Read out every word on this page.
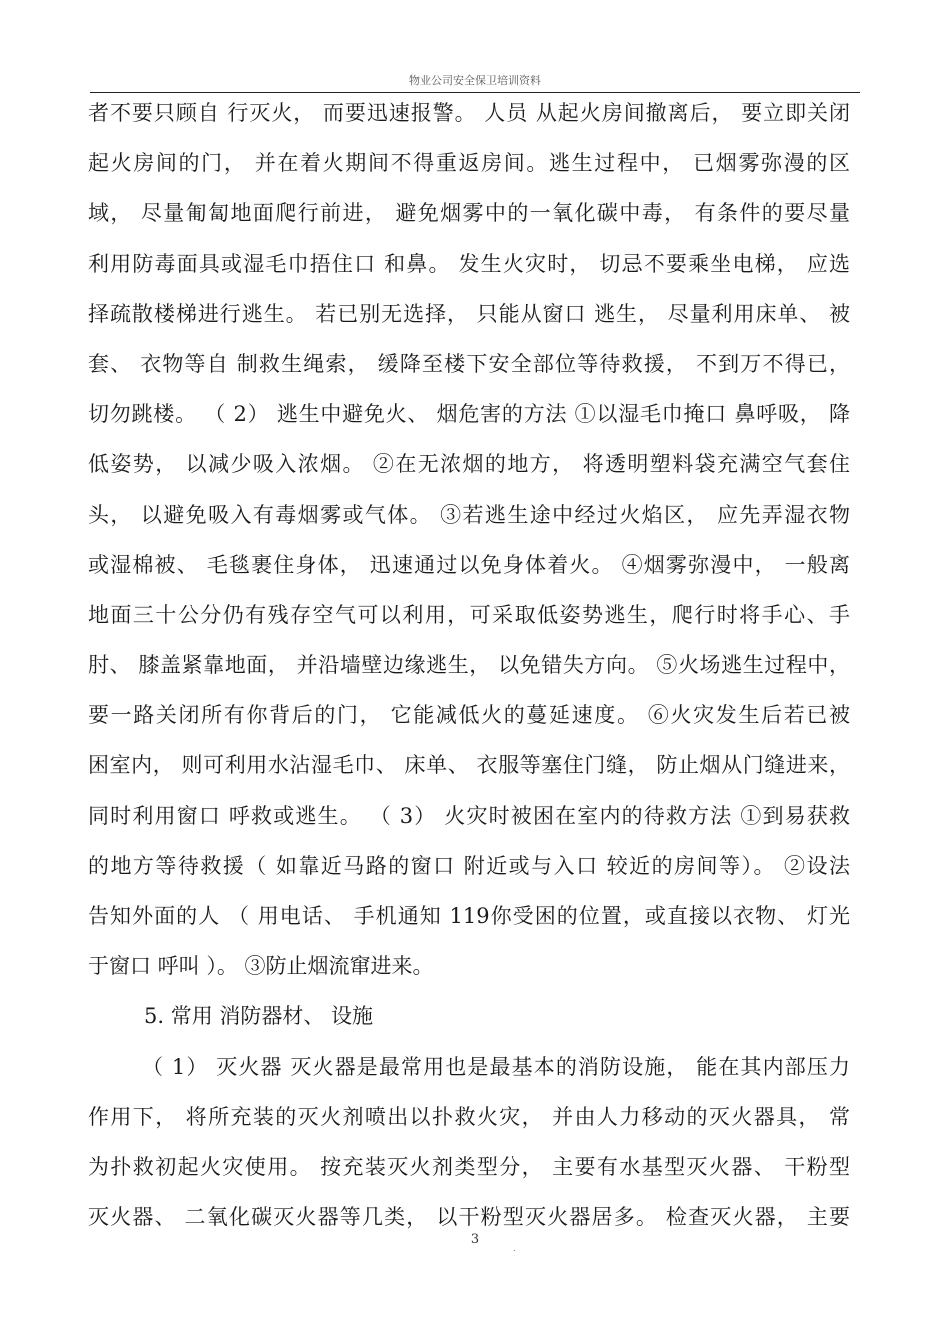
物业公司安全保卫培训资料
者不要只顾自 行灭火， 而要迅速报警。 人员 从起火房间撤离后， 要立即关闭
起火房间的门， 并在着火期间不得重返房间。逃生过程中， 已烟雾弥漫的区
域， 尽量匍匐地面爬行前进， 避免烟雾中的一氧化碳中毒， 有条件的要尽量
利用防毒面具或湿毛巾捂住口 和鼻。 发生火灾时， 切忌不要乘坐电梯， 应选
择疏散楼梯进行逃生。 若已别无选择， 只能从窗口 逃生， 尽量利用床单、 被
套、 衣物等自 制救生绳索， 缓降至楼下安全部位等待救援， 不到万不得已，
切勿跳楼。 （ 2） 逃生中避免火、 烟危害的方法 ①以湿毛巾掩口 鼻呼吸， 降
低姿势， 以减少吸入浓烟。 ②在无浓烟的地方， 将透明塑料袋充满空气套住
头， 以避免吸入有毒烟雾或气体。 ③若逃生途中经过火焰区， 应先弄湿衣物
或湿棉被、 毛毯裹住身体， 迅速通过以免身体着火。 ④烟雾弥漫中， 一般离
地面三十公分仍有残存空气可以利用，可采取低姿势逃生，爬行时将手心、手
肘、 膝盖紧靠地面， 并沿墙壁边缘逃生， 以免错失方向。 ⑤火场逃生过程中，
要一路关闭所有你背后的门， 它能减低火的蔓延速度。 ⑥火灾发生后若已被
困室内， 则可利用水沾湿毛巾、 床单、 衣服等塞住门缝， 防止烟从门缝进来，
同时利用窗口 呼救或逃生。 （ 3） 火灾时被困在室内的待救方法 ①到易获救
的地方等待救援（ 如靠近马路的窗口 附近或与入口 较近的房间等）。 ②设法
告知外面的人 （ 用电话、 手机通知 119你受困的位置，或直接以衣物、 灯光
于窗口 呼叫 ）。 ③防止烟流窜进来。
5. 常用 消防器材、 设施
（ 1） 灭火器 灭火器是最常用也是最基本的消防设施， 能在其内部压力
作用下， 将所充装的灭火剂喷出以扑救火灾， 并由人力移动的灭火器具， 常
为扑救初起火灾使用。 按充装灭火剂类型分， 主要有水基型灭火器、 干粉型
灭火器、 二氧化碳灭火器等几类， 以干粉型灭火器居多。 检查灭火器， 主要
3
.
